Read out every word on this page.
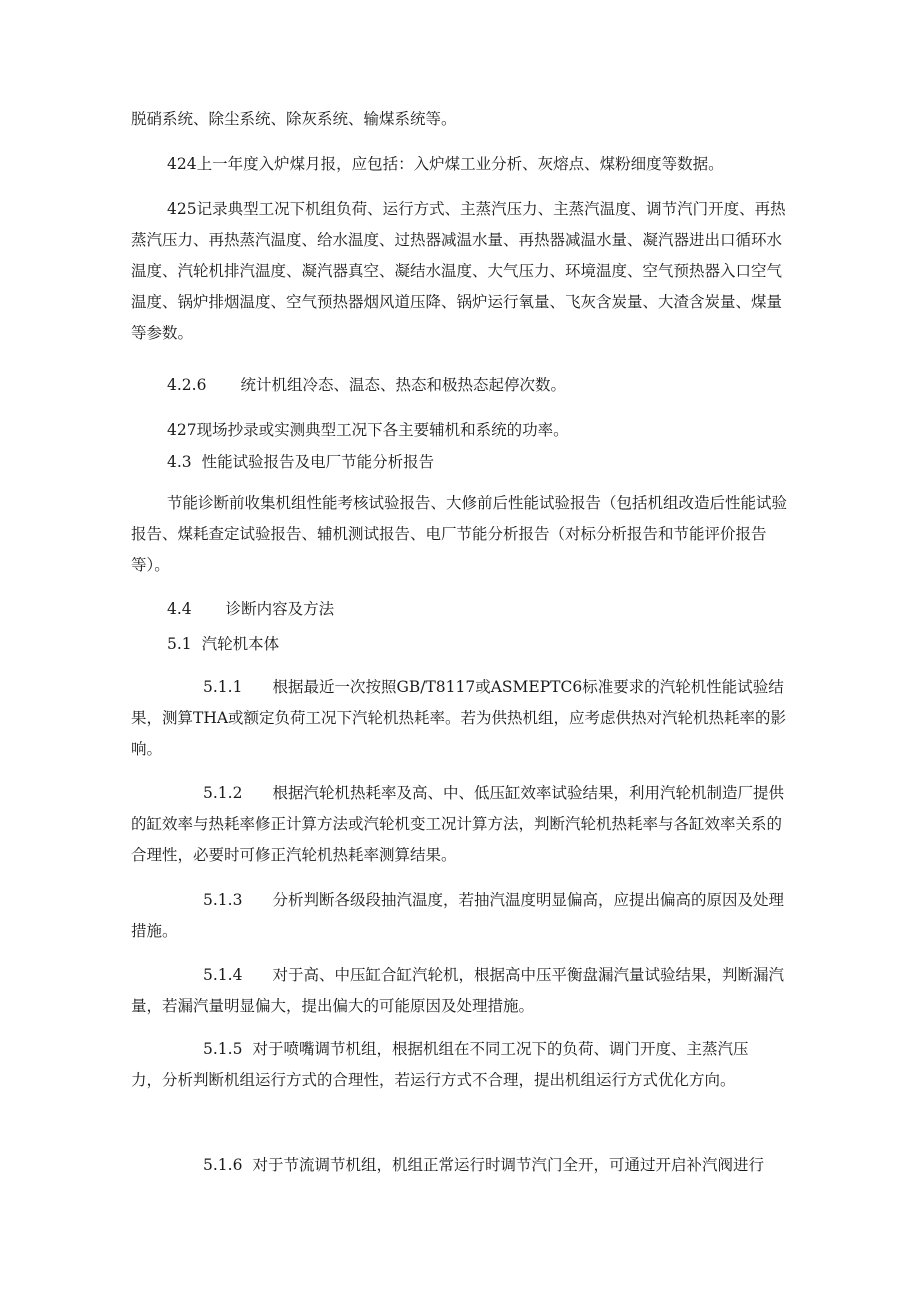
脱硝系统、除尘系统、除灰系统、输煤系统等。

424上一年度入炉煤月报，应包括：入炉煤工业分析、灰熔点、煤粉细度等数据。

425记录典型工况下机组负荷、运行方式、主蒸汽压力、主蒸汽温度、调节汽门开度、再热蒸汽压力、再热蒸汽温度、给水温度、过热器减温水量、再热器减温水量、凝汽器进出口循环水温度、汽轮机排汽温度、凝汽器真空、凝结水温度、大气压力、环境温度、空气预热器入口空气温度、锅炉排烟温度、空气预热器烟风道压降、锅炉运行氧量、飞灰含炭量、大渣含炭量、煤量等参数。

4.2.6 统计机组冷态、温态、热态和极热态起停次数。

427现场抄录或实测典型工况下各主要辅机和系统的功率。

4.3 性能试验报告及电厂节能分析报告

节能诊断前收集机组性能考核试验报告、大修前后性能试验报告（包括机组改造后性能试验报告、煤耗查定试验报告、辅机测试报告、电厂节能分析报告（对标分析报告和节能评价报告等）。

4.4 诊断内容及方法

5.1 汽轮机本体

5.1.1 根据最近一次按照GB/T8117或ASMEPTC6标准要求的汽轮机性能试验结果，测算THA或额定负荷工况下汽轮机热耗率。若为供热机组，应考虑供热对汽轮机热耗率的影响。

5.1.2 根据汽轮机热耗率及高、中、低压缸效率试验结果，利用汽轮机制造厂提供的缸效率与热耗率修正计算方法或汽轮机变工况计算方法，判断汽轮机热耗率与各缸效率关系的合理性，必要时可修正汽轮机热耗率测算结果。

5.1.3 分析判断各级段抽汽温度，若抽汽温度明显偏高，应提出偏高的原因及处理措施。

5.1.4 对于高、中压缸合缸汽轮机，根据高中压平衡盘漏汽量试验结果，判断漏汽量，若漏汽量明显偏大，提出偏大的可能原因及处理措施。

5.1.5 对于喷嘴调节机组，根据机组在不同工况下的负荷、调门开度、主蒸汽压力，分析判断机组运行方式的合理性，若运行方式不合理，提出机组运行方式优化方向。

5.1.6 对于节流调节机组，机组正常运行时调节汽门全开，可通过开启补汽阀进行
